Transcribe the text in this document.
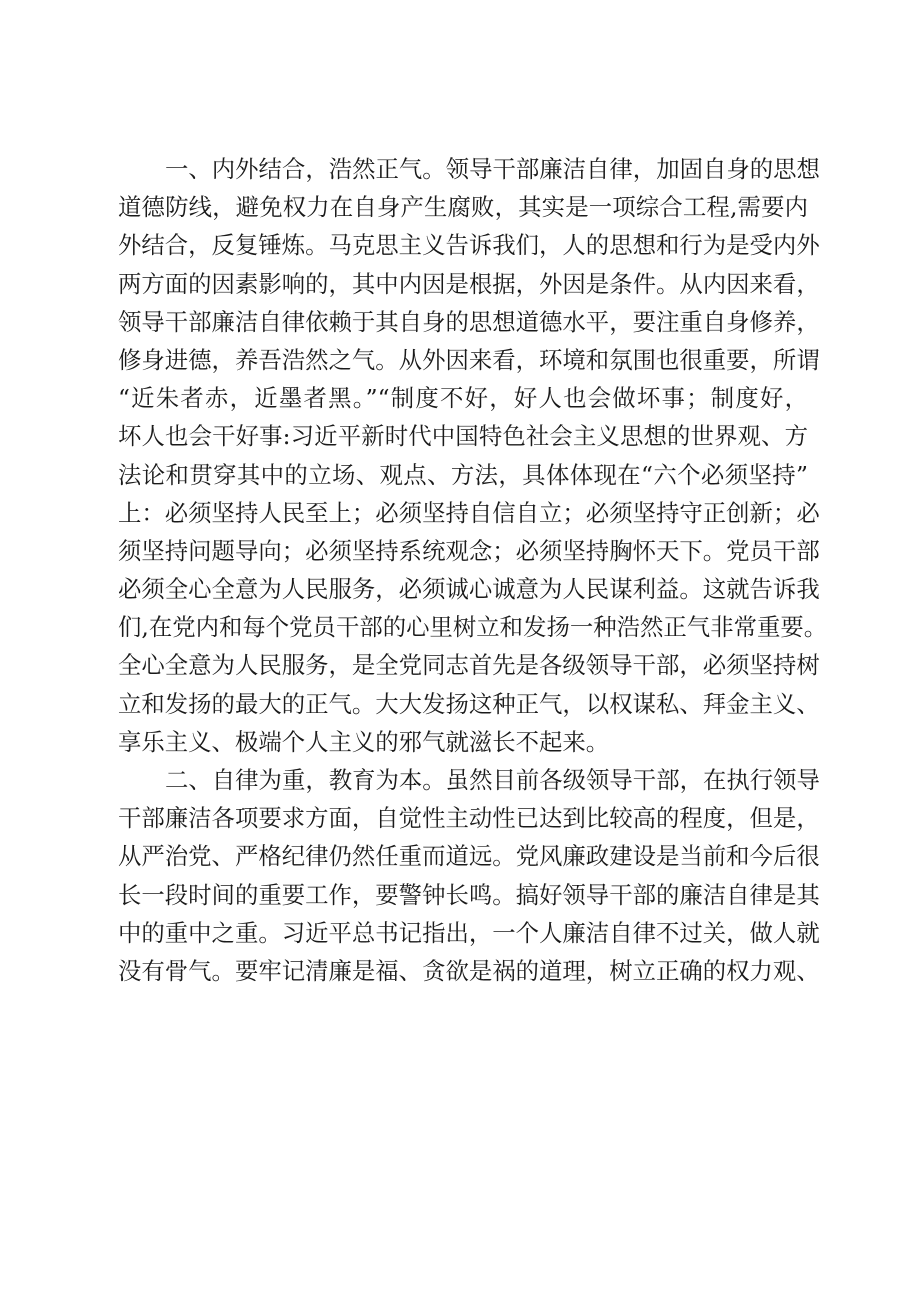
一、内外结合，浩然正气。领导干部廉洁自律，加固自身的思想
道德防线，避免权力在自身产生腐败，其实是一项综合工程,需要内
外结合，反复锤炼。马克思主义告诉我们，人的思想和行为是受内外
两方面的因素影响的，其中内因是根据，外因是条件。从内因来看，
领导干部廉洁自律依赖于其自身的思想道德水平，要注重自身修养，
修身进德，养吾浩然之气。从外因来看，环境和氛围也很重要，所谓
“近朱者赤，近墨者黑。”“制度不好，好人也会做坏事；制度好，
坏人也会干好事:习近平新时代中国特色社会主义思想的世界观、方
法论和贯穿其中的立场、观点、方法，具体体现在“六个必须坚持”
上：必须坚持人民至上；必须坚持自信自立；必须坚持守正创新；必
须坚持问题导向；必须坚持系统观念；必须坚持胸怀天下。党员干部
必须全心全意为人民服务，必须诚心诚意为人民谋利益。这就告诉我
们,在党内和每个党员干部的心里树立和发扬一种浩然正气非常重要。
全心全意为人民服务，是全党同志首先是各级领导干部，必须坚持树
立和发扬的最大的正气。大大发扬这种正气，以权谋私、拜金主义、
享乐主义、极端个人主义的邪气就滋长不起来。
二、自律为重，教育为本。虽然目前各级领导干部，在执行领导
干部廉洁各项要求方面，自觉性主动性已达到比较高的程度，但是，
从严治党、严格纪律仍然任重而道远。党风廉政建设是当前和今后很
长一段时间的重要工作，要警钟长鸣。搞好领导干部的廉洁自律是其
中的重中之重。习近平总书记指出，一个人廉洁自律不过关，做人就
没有骨气。要牢记清廉是福、贪欲是祸的道理，树立正确的权力观、
